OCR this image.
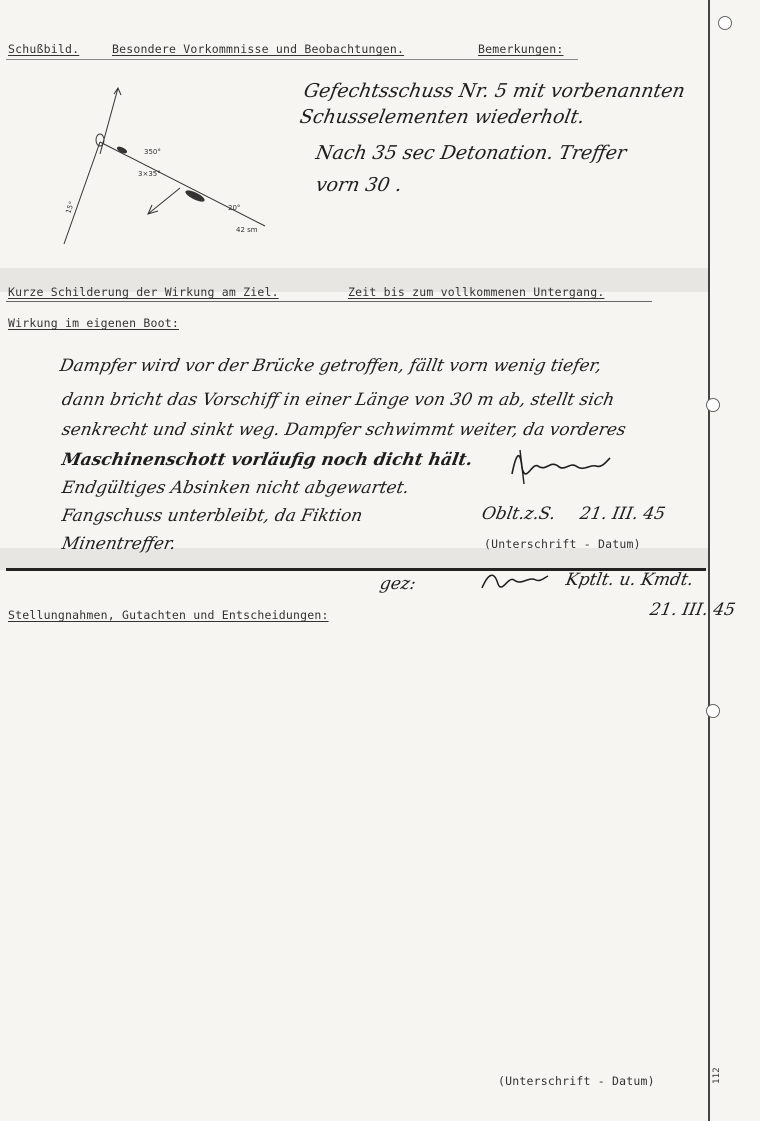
Schußbild.	Besondere Vorkommnisse und Beobachtungen.	Bemerkungen:
350°
3×35°
20°
42 sm
15°
Gefechtsschuss Nr. 5 mit vorbenannten
Schusselementen wiederholt.
Nach 35 sec Detonation. Treffer
vorn 30 .
Kurze Schilderung der Wirkung am Ziel.	Zeit bis zum vollkommenen Untergang.
Wirkung im eigenen Boot:
Dampfer wird vor der Brücke getroffen, fällt vorn wenig tiefer,
dann bricht das Vorschiff in einer Länge von 30 m ab, stellt sich
senkrecht und sinkt weg. Dampfer schwimmt weiter, da vorderes
Maschinenschott vorläufig noch dicht hält.
Endgültiges Absinken nicht abgewartet.
Fangschuss unterbleibt, da Fiktion
Minentreffer.
Oblt.z.S. 21. III. 45
(Unterschrift - Datum)
gez:	Kptlt. u. Kmdt.
21. III. 45
Stellungnahmen, Gutachten und Entscheidungen:
(Unterschrift - Datum)	112
